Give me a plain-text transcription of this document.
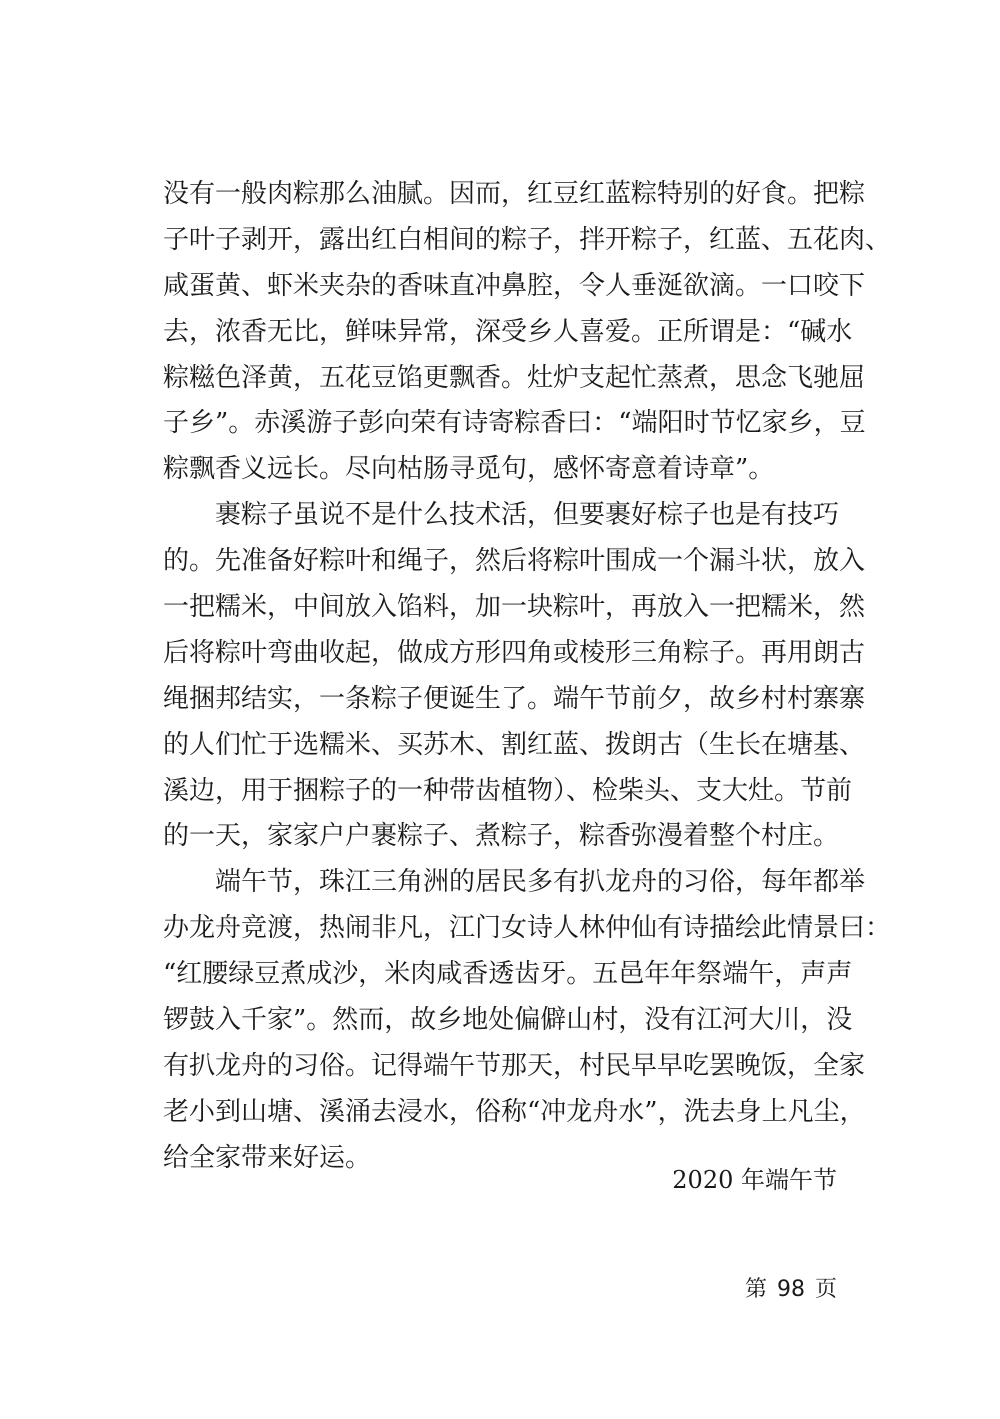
没有一般肉粽那么油腻。因而，红豆红蓝粽特别的好食。把粽
子叶子剥开，露出红白相间的粽子，拌开粽子，红蓝、五花肉、
咸蛋黄、虾米夹杂的香味直冲鼻腔，令人垂涎欲滴。一口咬下
去，浓香无比，鲜味异常，深受乡人喜爱。正所谓是：“碱水
粽糍色泽黄，五花豆馅更飘香。灶炉支起忙蒸煮，思念飞驰屈
子乡”。赤溪游子彭向荣有诗寄粽香曰：“端阳时节忆家乡，豆
粽飘香义远长。尽向枯肠寻觅句，感怀寄意着诗章”。
裹粽子虽说不是什么技术活，但要裹好棕子也是有技巧
的。先准备好粽叶和绳子，然后将粽叶围成一个漏斗状，放入
一把糯米，中间放入馅料，加一块粽叶，再放入一把糯米，然
后将粽叶弯曲收起，做成方形四角或棱形三角粽子。再用朗古
绳捆邦结实，一条粽子便诞生了。端午节前夕，故乡村村寨寨
的人们忙于选糯米、买苏木、割红蓝、拨朗古（生长在塘基、
溪边，用于捆粽子的一种带齿植物）、检柴头、支大灶。节前
的一天，家家户户裹粽子、煮粽子，粽香弥漫着整个村庄。
端午节，珠江三角洲的居民多有扒龙舟的习俗，每年都举
办龙舟竞渡，热闹非凡，江门女诗人林仲仙有诗描绘此情景曰：
“红腰绿豆煮成沙，米肉咸香透齿牙。五邑年年祭端午，声声
锣鼓入千家”。然而，故乡地处偏僻山村，没有江河大川，没
有扒龙舟的习俗。记得端午节那天，村民早早吃罢晚饭，全家
老小到山塘、溪涌去浸水，俗称“冲龙舟水”，洗去身上凡尘，
给全家带来好运。
2020 年端午节
第 98 页
